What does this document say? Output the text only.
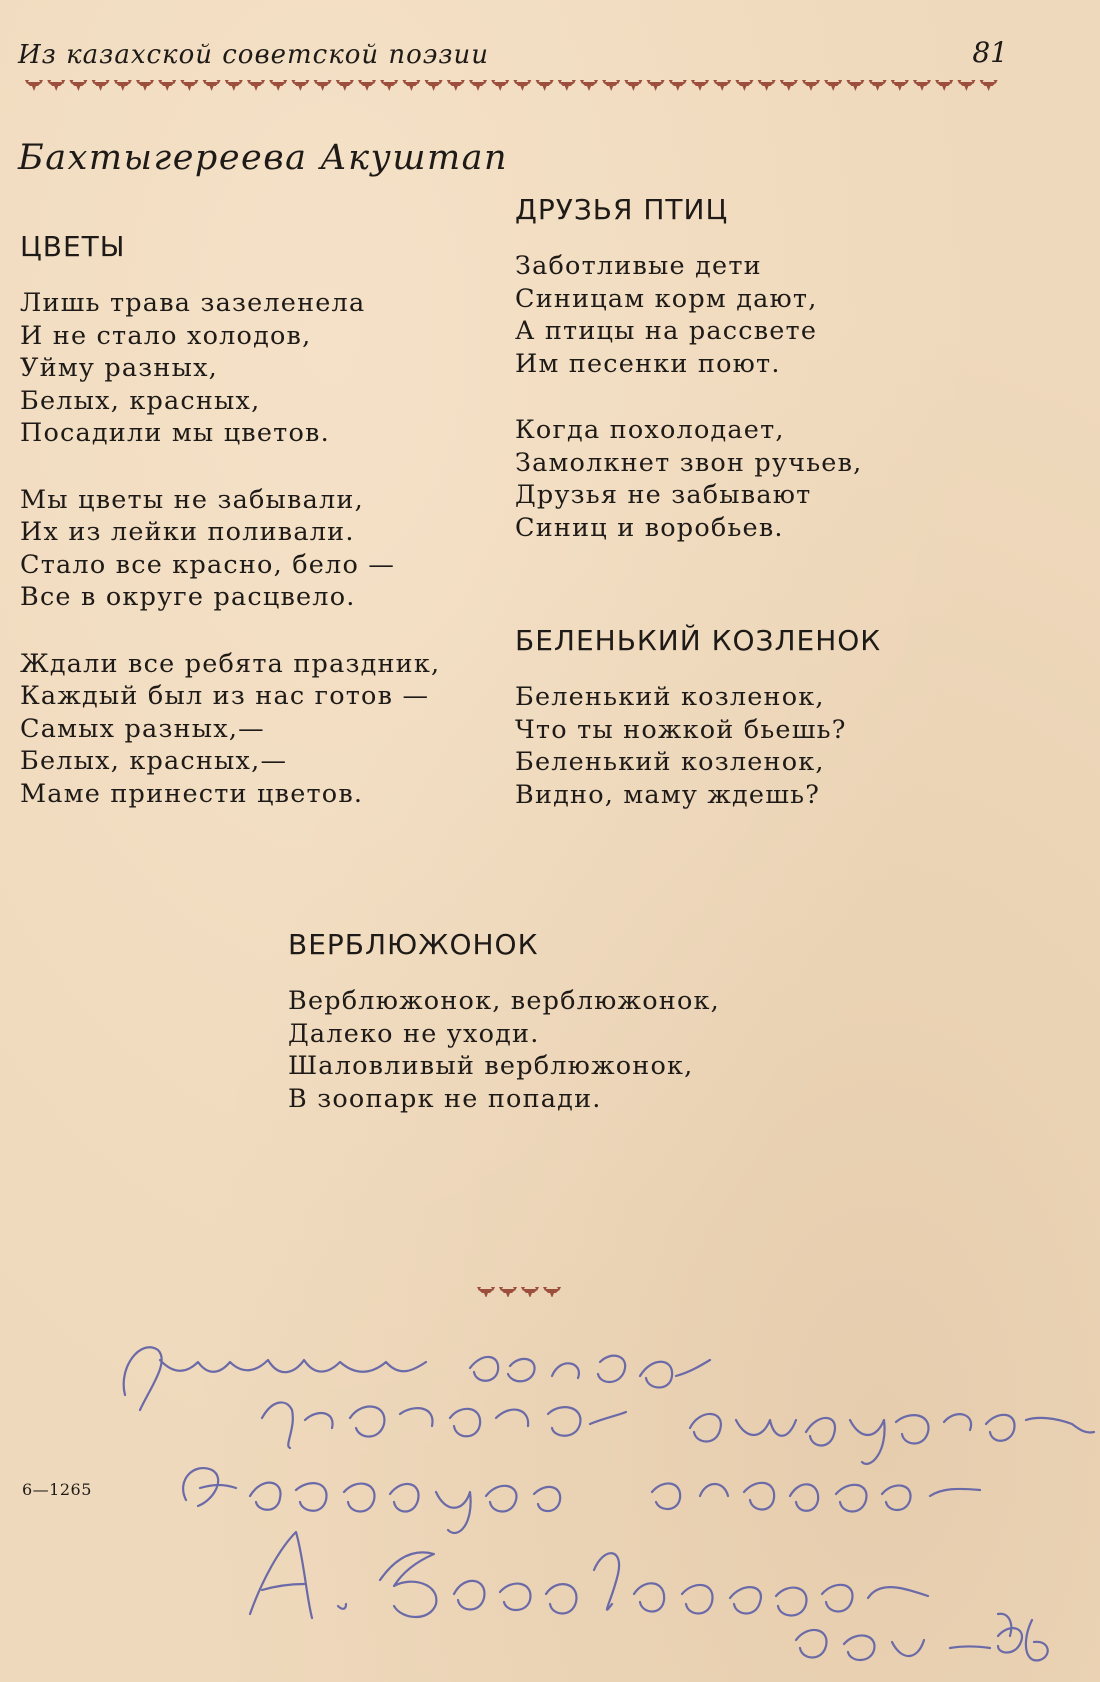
Из казахской советской поэзии	81
Бахтыгереева Акуштап
ЦВЕТЫ
Лишь трава зазеленела
И не стало холодов,
Уйму разных,
Белых, красных,
Посадили мы цветов.
Мы цветы не забывали,
Их из лейки поливали.
Стало все красно, бело —
Все в округе расцвело.
Ждали все ребята праздник,
Каждый был из нас готов —
Самых разных,—
Белых, красных,—
Маме принести цветов.
ДРУЗЬЯ ПТИЦ
Заботливые дети
Синицам корм дают,
А птицы на рассвете
Им песенки поют.
Когда похолодает,
Замолкнет звон ручьев,
Друзья не забывают
Синиц и воробьев.
БЕЛЕНЬКИЙ КОЗЛЕНОК
Беленький козленок,
Что ты ножкой бьешь?
Беленький козленок,
Видно, маму ждешь?
ВЕРБЛЮЖОНОК
Верблюжонок, верблюжонок,
Далеко не уходи.
Шаловливый верблюжонок,
В зоопарк не попади.
6—1265
